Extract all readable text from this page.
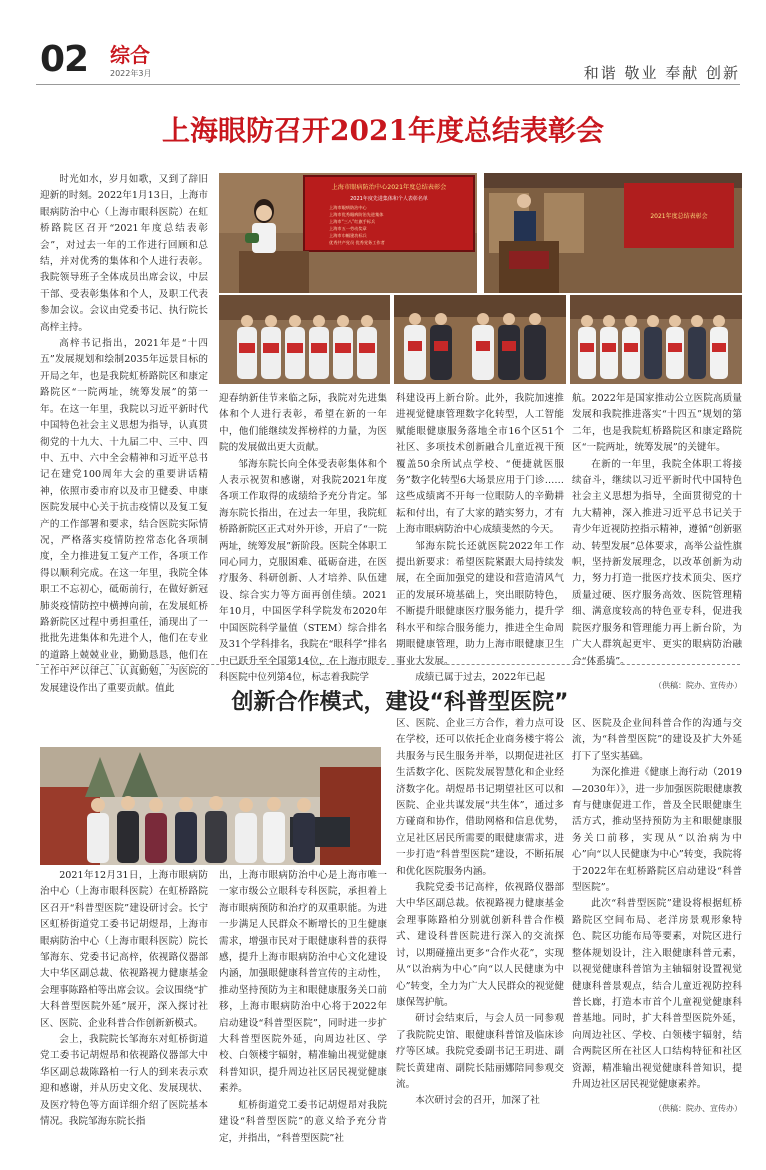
02 综合
2022年3月	和谐 敬业 奉献 创新
上海眼防召开2021年度总结表彰会
上海市眼病防治中心2021年度总结表彰会
2021年度先进集体和个人表彰名单
上海市眼病防治中心
上海市优秀眼病防治先进集体
上海市“三八”红旗手标兵
上海市五一劳动奖章
上海市巾帼建功标兵
优秀共产党员 优秀党务工作者
2021年度总结表彰会

时光如水，岁月如歌，又到了辞旧迎新的时刻。2022年1月13日，上海市眼病防治中心（上海市眼科医院）在虹桥路院区召开“2021年度总结表彰会”，对过去一年的工作进行回顾和总结，并对优秀的集体和个人进行表彰。我院领导班子全体成员出席会议，中层干部、受表彰集体和个人，及职工代表参加会议。会议由党委书记、执行院长高梓主持。

高梓书记指出，2021年是“十四五”发展规划和绘制2035年远景目标的开局之年，也是我院虹桥路院区和康定路院区“一院两址，统筹发展”的第一年。在这一年里，我院以习近平新时代中国特色社会主义思想为指导，认真贯彻党的十九大、十九届二中、三中、四中、五中、六中全会精神和习近平总书记在建党100周年大会的重要讲话精神，依照市委市府以及市卫健委、申康医院发展中心关于抗击疫情以及复工复产的工作部署和要求，结合医院实际情况，严格落实疫情防控常态化各项制度，全力推进复工复产工作，各项工作得以顺利完成。在这一年里，我院全体职工不忘初心，砥砺前行，在做好新冠肺炎疫情防控中横搏向前，在发展虹桥路新院区过程中勇担重任，涌现出了一批批先进集体和先进个人，他们在专业的道路上兢兢业业，勤勤恳恳，他们在工作中严以律己、认真勤勉，为医院的发展建设作出了重要贡献。值此

迎春纳新佳节来临之际，我院对先进集体和个人进行表彰，希望在新的一年中，他们能继续发挥榜样的力量，为医院的发展做出更大贡献。

邹海东院长向全体受表彰集体和个人表示祝贺和感谢，对我院2021年度各项工作取得的成绩给予充分肯定。邹海东院长指出，在过去一年里，我院虹桥路新院区正式对外开诊，开启了“一院两址，统筹发展”新阶段。医院全体职工同心同力，克服困难、砥砺奋进，在医疗服务、科研创新、人才培养、队伍建设、综合实力等方面再创佳绩。2021年10月，中国医学科学院发布2020年中国医院科学量值（STEM）综合排名及31个学科排名，我院在“眼科学”排名中已跃升至全国第14位，在上海市眼专科医院中位列第4位，标志着我院学

科建设再上新台阶。此外，我院加速推进视觉健康管理数字化转型，人工智能赋能眼健康服务落地全市16个区51个社区、多项技术创新融合儿童近视干预覆盖50余所试点学校、“便捷就医服务”数字化转型6大场景应用于门诊……这些成绩离不开每一位眼防人的辛勤耕耘和付出，有了大家的踏实努力，才有上海市眼病防治中心成绩斐然的今天。

邹海东院长还就医院2022年工作提出新要求：希望医院紧跟大局持续发展，在全面加强党的建设和营造清风气正的发展环境基础上，突出眼防特色，不断提升眼健康医疗服务能力，提升学科水平和综合服务能力，推进全生命周期眼健康管理，助力上海市眼健康卫生事业大发展。

成绩已属于过去，2022年已起

航。2022年是国家推动公立医院高质量发展和我院推进落实“十四五”规划的第二年，也是我院虹桥路院区和康定路院区“一院两址，统筹发展”的关键年。

在新的一年里，我院全体职工将接续奋斗，继续以习近平新时代中国特色社会主义思想为指导，全面贯彻党的十九大精神，深入推进习近平总书记关于青少年近视防控指示精神，遵循“创新驱动、转型发展”总体要求，高举公益性旗帜，坚持新发展理念，以改革创新为动力，努力打造一批医疗技术顶尖、医疗质量过硬、医疗服务高效、医院管理精细、满意度较高的特色亚专科，促进我院医疗服务和管理能力再上新台阶，为广大人群筑起更牢、更实的眼病防治融合“体系墙”。

（供稿：院办、宣传办）

创新合作模式，建设“科普型医院”

2021年12月31日，上海市眼病防治中心（上海市眼科医院）在虹桥路院区召开“科普型医院”建设研讨会。长宁区虹桥街道党工委书记胡煜昂，上海市眼病防治中心（上海市眼科医院）院长邹海东、党委书记高梓，依视路仪器部大中华区副总裁、依视路视力健康基金会理事陈路柏等出席会议。会议围绕“扩大科普型医院外延”展开，深入探讨社区、医院、企业科普合作创新新模式。

会上，我院院长邹海东对虹桥街道党工委书记胡煜昂和依视路仪器部大中华区副总裁陈路柏一行人的到来表示欢迎和感谢，并从历史文化、发展现状、及医疗特色等方面详细介绍了医院基本情况。我院邹海东院长指

出，上海市眼病防治中心是上海市唯一一家市级公立眼科专科医院，承担着上海市眼病预防和治疗的双重职能。为进一步满足人民群众不断增长的卫生健康需求，增强市民对于眼健康科普的获得感，提升上海市眼病防治中心文化建设内涵，加强眼健康科普宣传的主动性，推动坚持预防为主和眼健康服务关口前移，上海市眼病防治中心将于2022年启动建设“科普型医院”，同时进一步扩大科普型医院外延，向周边社区、学校、白领楼宇辐射，精准输出视觉健康科普知识，提升周边社区居民视觉健康素养。

虹桥街道党工委书记胡煜昂对我院建设“科普型医院”的意义给予充分肯定，并指出，“科普型医院”社

区、医院、企业三方合作，着力点可设在学校，还可以依托企业商务楼宇将公共服务与民生服务并举，以期促进社区生活数字化、医院发展智慧化和企业经济数字化。胡煜昂书记期望社区可以和医院、企业共谋发展“共生体”，通过多方碰商和协作，借助网格和信息优势，立足社区居民所需要的眼健康需求，进一步打造“科普型医院”建设，不断拓展和优化医院服务内涵。

我院党委书记高梓，依视路仪器部大中华区副总裁。依视路视力健康基金会理事陈路柏分别就创新科普合作模式、建设科普医院进行深入的交流探讨，以期碰撞出更多“合作火花”，实现从“以治病为中心”向“以人民健康为中心”转变，全力为广大人民群众的视觉健康保驾护航。

研讨会结束后，与会人员一同参观了我院院史馆、眼健康科普馆及临床诊疗等区域。我院党委副书记王玥进、副院长黄建南、副院长陆丽娜陪同参观交流。

本次研讨会的召开，加深了社

区、医院及企业间科普合作的沟通与交流，为“科普型医院”的建设及扩大外延打下了坚实基础。

为深化推进《健康上海行动（2019—2030年）》，进一步加强医院眼健康教育与健康促进工作，普及全民眼健康生活方式，推动坚持预防为主和眼健康服务关口前移，实现从“以治病为中心”向“以人民健康为中心”转变，我院将于2022年在虹桥路院区启动建设“科普型医院”。

此次“科普型医院”建设将根据虹桥路院区空间布局、老洋房景观形象特色、院区功能布局等要素，对院区进行整体规划设计，注入眼健康科普元素，以视觉健康科普馆为主轴辐射设置视觉健康科普景观点，结合儿童近视防控科普长廊，打造本市首个儿童视觉健康科普基地。同时，扩大科普型医院外延，向周边社区、学校、白领楼宇辐射，结合两院区所在社区人口结构特征和社区资源，精准输出视觉健康科普知识，提升周边社区居民视觉健康素养。

（供稿：院办、宣传办）
